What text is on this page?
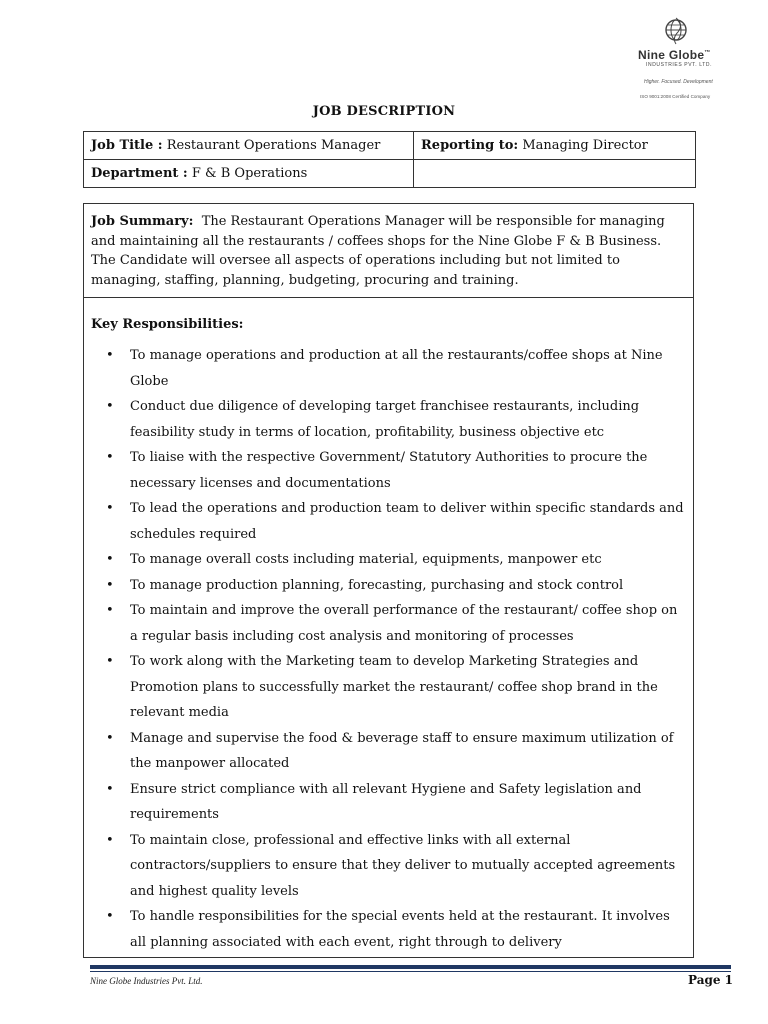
Nine Globe™
INDUSTRIES PVT. LTD.
Higher. Focused. Development
ISO 9001:2008 Certified Company
JOB DESCRIPTION
Job Title : Restaurant Operations Manager	Reporting to: Managing Director
Department : F & B Operations	

Job Summary: The Restaurant Operations Manager will be responsible for managing and maintaining all the restaurants / coffees shops for the Nine Globe F & B Business. The Candidate will oversee all aspects of operations including but not limited to managing, staffing, planning, budgeting, procuring and training.

Key Responsibilities:
• To manage operations and production at all the restaurants/coffee shops at Nine Globe
• Conduct due diligence of developing target franchisee restaurants, including feasibility study in terms of location, profitability, business objective etc
• To liaise with the respective Government/ Statutory Authorities to procure the necessary licenses and documentations
• To lead the operations and production team to deliver within specific standards and schedules required
• To manage overall costs including material, equipments, manpower etc
• To manage production planning, forecasting, purchasing and stock control
• To maintain and improve the overall performance of the restaurant/ coffee shop on a regular basis including cost analysis and monitoring of processes
• To work along with the Marketing team to develop Marketing Strategies and Promotion plans to successfully market the restaurant/ coffee shop brand in the relevant media
• Manage and supervise the food & beverage staff to ensure maximum utilization of the manpower allocated
• Ensure strict compliance with all relevant Hygiene and Safety legislation and requirements
• To maintain close, professional and effective links with all external contractors/suppliers to ensure that they deliver to mutually accepted agreements and highest quality levels
• To handle responsibilities for the special events held at the restaurant. It involves all planning associated with each event, right through to delivery
Nine Globe Industries Pvt. Ltd.	Page 1
